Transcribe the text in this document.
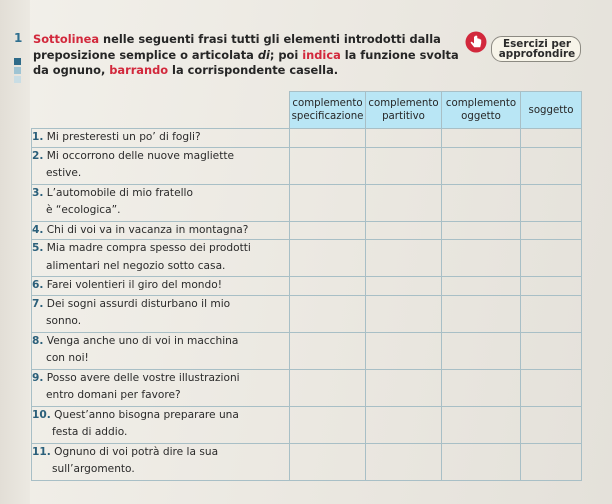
1 Sottolinea nelle seguenti frasi tutti gli elementi introdotti dalla
preposizione semplice o articolata di; poi indica la funzione svolta
da ognuno, barrando la corrispondente casella.
Esercizi per
approfondire
	complemento specificazione	complemento partitivo	complemento oggetto	soggetto
1. Mi presteresti un po’ di fogli?				
2. Mi occorrono delle nuove magliette
estive.				
3. L’automobile di mio fratello
è “ecologica”.				
4. Chi di voi va in vacanza in montagna?				
5. Mia madre compra spesso dei prodotti
alimentari nel negozio sotto casa.				
6. Farei volentieri il giro del mondo!				
7. Dei sogni assurdi disturbano il mio
sonno.				
8. Venga anche uno di voi in macchina
con noi!				
9. Posso avere delle vostre illustrazioni
entro domani per favore?				
10. Quest’anno bisogna preparare una
festa di addio.				
11. Ognuno di voi potrà dire la sua
sull’argomento.				
